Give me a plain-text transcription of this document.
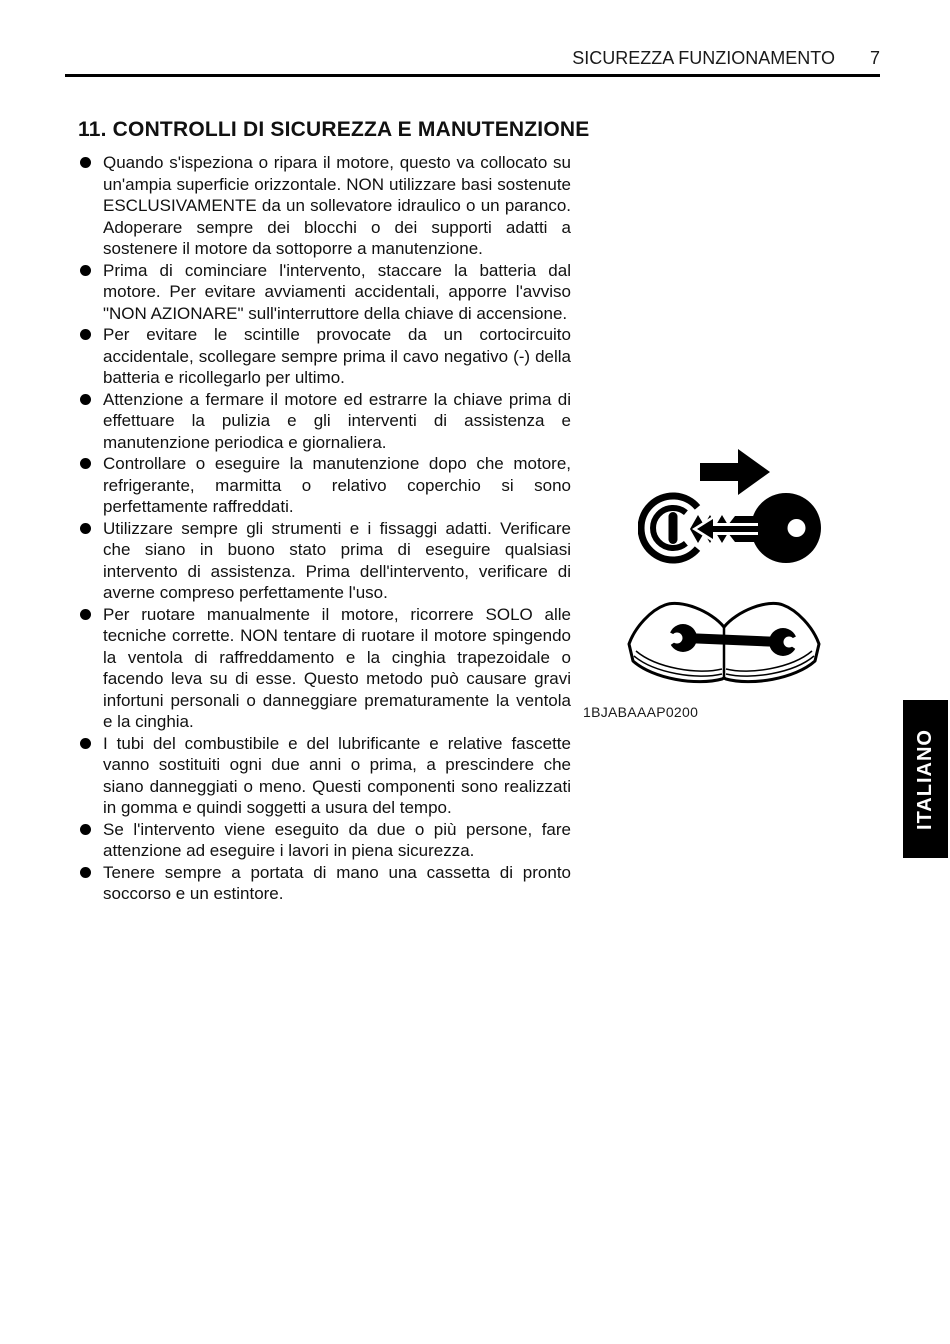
SICUREZZA FUNZIONAMENTO 7
11. CONTROLLI DI SICUREZZA E MANUTENZIONE
Quando s'ispeziona o ripara il motore, questo va collocato su un'ampia superficie orizzontale. NON utilizzare basi sostenute ESCLUSIVAMENTE da un sollevatore idraulico o un paranco. Adoperare sempre dei blocchi o dei supporti adatti a sostenere il motore da sottoporre a manutenzione.
Prima di cominciare l'intervento, staccare la batteria dal motore. Per evitare avviamenti accidentali, apporre l'avviso "NON AZIONARE" sull'interruttore della chiave di accensione.
Per evitare le scintille provocate da un cortocircuito accidentale, scollegare sempre prima il cavo negativo (-) della batteria e ricollegarlo per ultimo.
Attenzione a fermare il motore ed estrarre la chiave prima di effettuare la pulizia e gli interventi di assistenza e manutenzione periodica e giornaliera.
Controllare o eseguire la manutenzione dopo che motore, refrigerante, marmitta o relativo coperchio si sono perfettamente raffreddati.
Utilizzare sempre gli strumenti e i fissaggi adatti. Verificare che siano in buono stato prima di eseguire qualsiasi intervento di assistenza. Prima dell'intervento, verificare di averne compreso perfettamente l'uso.
Per ruotare manualmente il motore, ricorrere SOLO alle tecniche corrette. NON tentare di ruotare il motore spingendo la ventola di raffreddamento e la cinghia trapezoidale o facendo leva su di esse. Questo metodo può causare gravi infortuni personali o danneggiare prematuramente la ventola e la cinghia.
I tubi del combustibile e del lubrificante e relative fascette vanno sostituiti ogni due anni o prima, a prescindere che siano danneggiati o meno. Questi componenti sono realizzati in gomma e quindi soggetti a usura del tempo.
Se l'intervento viene eseguito da due o più persone, fare attenzione ad eseguire i lavori in piena sicurezza.
Tenere sempre a portata di mano una cassetta di pronto soccorso e un estintore.
1BJABAAAP0200
ITALIANO
